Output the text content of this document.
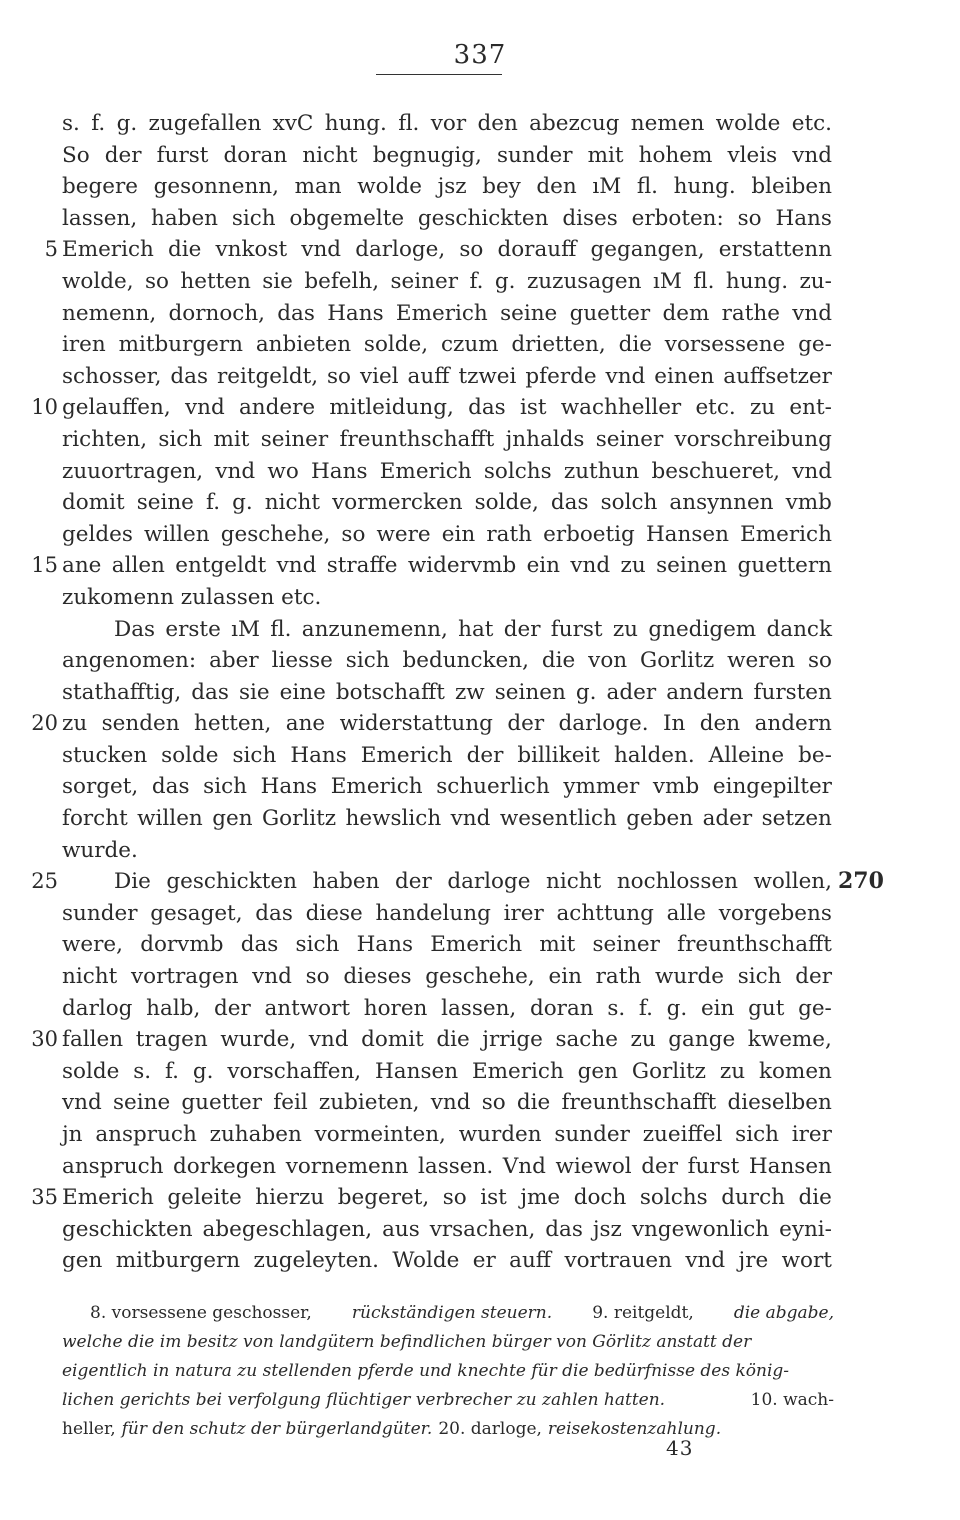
337
s. f. g. zugefallen xvC hung. fl. vor den abezcug nemen wolde etc.
So der furst doran nicht begnugig, sunder mit hohem vleis vnd
begere gesonnenn, man wolde jsz bey den ıM fl. hung. bleiben
lassen, haben sich obgemelte geschickten dises erboten: so Hans
Emerich die vnkost vnd darloge, so dorauff gegangen, erstattenn
5
wolde, so hetten sie befelh, seiner f. g. zuzusagen ıM fl. hung. zu-
nemenn, dornoch, das Hans Emerich seine guetter dem rathe vnd
iren mitburgern anbieten solde, czum drietten, die vorsessene ge-
schosser, das reitgeldt, so viel auff tzwei pferde vnd einen auffsetzer
gelauffen, vnd andere mitleidung, das ist wachheller etc. zu ent-
10
richten, sich mit seiner freunthschafft jnhalds seiner vorschreibung
zuuortragen, vnd wo Hans Emerich solchs zuthun beschueret, vnd
domit seine f. g. nicht vormercken solde, das solch ansynnen vmb
geldes willen geschehe, so were ein rath erboetig Hansen Emerich
ane allen entgeldt vnd straffe widervmb ein vnd zu seinen guettern
15
zukomenn zulassen etc.
Das erste ıM fl. anzunemenn, hat der furst zu gnedigem danck
angenomen: aber liesse sich beduncken, die von Gorlitz weren so
stathafftig, das sie eine botschafft zw seinen g. ader andern fursten
zu senden hetten, ane widerstattung der darloge. In den andern
20
stucken solde sich Hans Emerich der billikeit halden. Alleine be-
sorget, das sich Hans Emerich schuerlich ymmer vmb eingepilter
forcht willen gen Gorlitz hewslich vnd wesentlich geben ader setzen
wurde.
Die geschickten haben der darloge nicht nochlossen wollen,
25	270
sunder gesaget, das diese handelung irer achttung alle vorgebens
were, dorvmb das sich Hans Emerich mit seiner freunthschafft
nicht vortragen vnd so dieses geschehe, ein rath wurde sich der
darlog halb, der antwort horen lassen, doran s. f. g. ein gut ge-
fallen tragen wurde, vnd domit die jrrige sache zu gange kweme,
30
solde s. f. g. vorschaffen, Hansen Emerich gen Gorlitz zu komen
vnd seine guetter feil zubieten, vnd so die freunthschafft dieselben
jn anspruch zuhaben vormeinten, wurden sunder zueiffel sich irer
anspruch dorkegen vornemenn lassen. Vnd wiewol der furst Hansen
Emerich geleite hierzu begeret, so ist jme doch solchs durch die
35
geschickten abegeschlagen, aus vrsachen, das jsz vngewonlich eyni-
gen mitburgern zugeleyten. Wolde er auff vortrauen vnd jre wort
8. vorsessene geschosser, rückständigen steuern. 9. reitgeldt, die abgabe,
welche die im besitz von landgütern befindlichen bürger von Görlitz anstatt der
eigentlich in natura zu stellenden pferde und knechte für die bedürfnisse des könig-
lichen gerichts bei verfolgung flüchtiger verbrecher zu zahlen hatten.	10. wach-
heller, für den schutz der bürgerlandgüter. 20. darloge, reisekostenzahlung.
43
